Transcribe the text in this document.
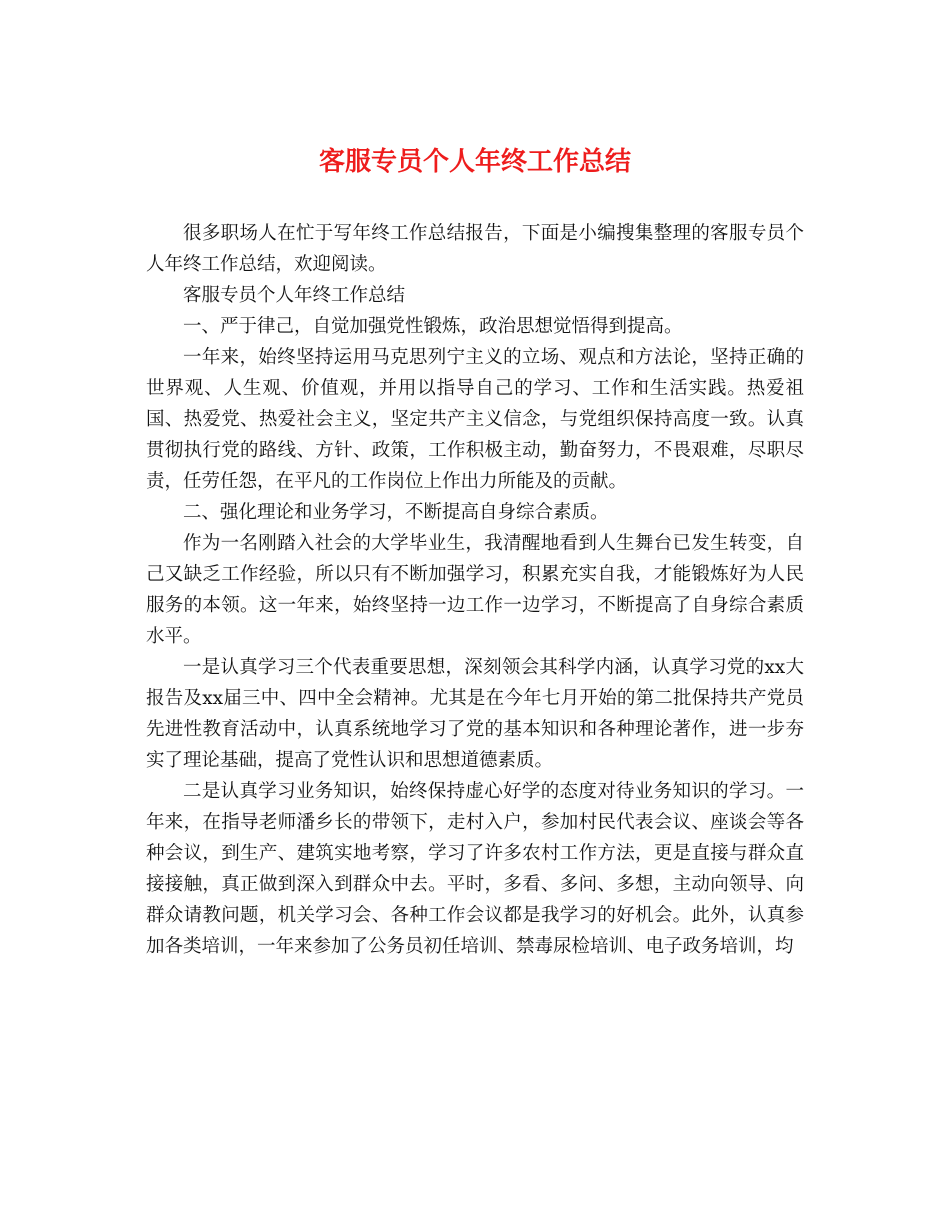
客服专员个人年终工作总结

很多职场人在忙于写年终工作总结报告，下面是小编搜集整理的客服专员个人年终工作总结，欢迎阅读。

客服专员个人年终工作总结

一、严于律己，自觉加强党性锻炼，政治思想觉悟得到提高。

一年来，始终坚持运用马克思列宁主义的立场、观点和方法论，坚持正确的世界观、人生观、价值观，并用以指导自己的学习、工作和生活实践。热爱祖国、热爱党、热爱社会主义，坚定共产主义信念，与党组织保持高度一致。认真贯彻执行党的路线、方针、政策，工作积极主动，勤奋努力，不畏艰难，尽职尽责，任劳任怨，在平凡的工作岗位上作出力所能及的贡献。

二、强化理论和业务学习，不断提高自身综合素质。

作为一名刚踏入社会的大学毕业生，我清醒地看到人生舞台已发生转变，自己又缺乏工作经验，所以只有不断加强学习，积累充实自我，才能锻炼好为人民服务的本领。这一年来，始终坚持一边工作一边学习，不断提高了自身综合素质水平。

一是认真学习三个代表重要思想，深刻领会其科学内涵，认真学习党的xx大报告及xx届三中、四中全会精神。尤其是在今年七月开始的第二批保持共产党员先进性教育活动中，认真系统地学习了党的基本知识和各种理论著作，进一步夯实了理论基础，提高了党性认识和思想道德素质。

二是认真学习业务知识，始终保持虚心好学的态度对待业务知识的学习。一年来，在指导老师潘乡长的带领下，走村入户，参加村民代表会议、座谈会等各种会议，到生产、建筑实地考察，学习了许多农村工作方法，更是直接与群众直接接触，真正做到深入到群众中去。平时，多看、多问、多想，主动向领导、向群众请教问题，机关学习会、各种工作会议都是我学习的好机会。此外，认真参加各类培训，一年来参加了公务员初任培训、禁毒尿检培训、电子政务培训，均
